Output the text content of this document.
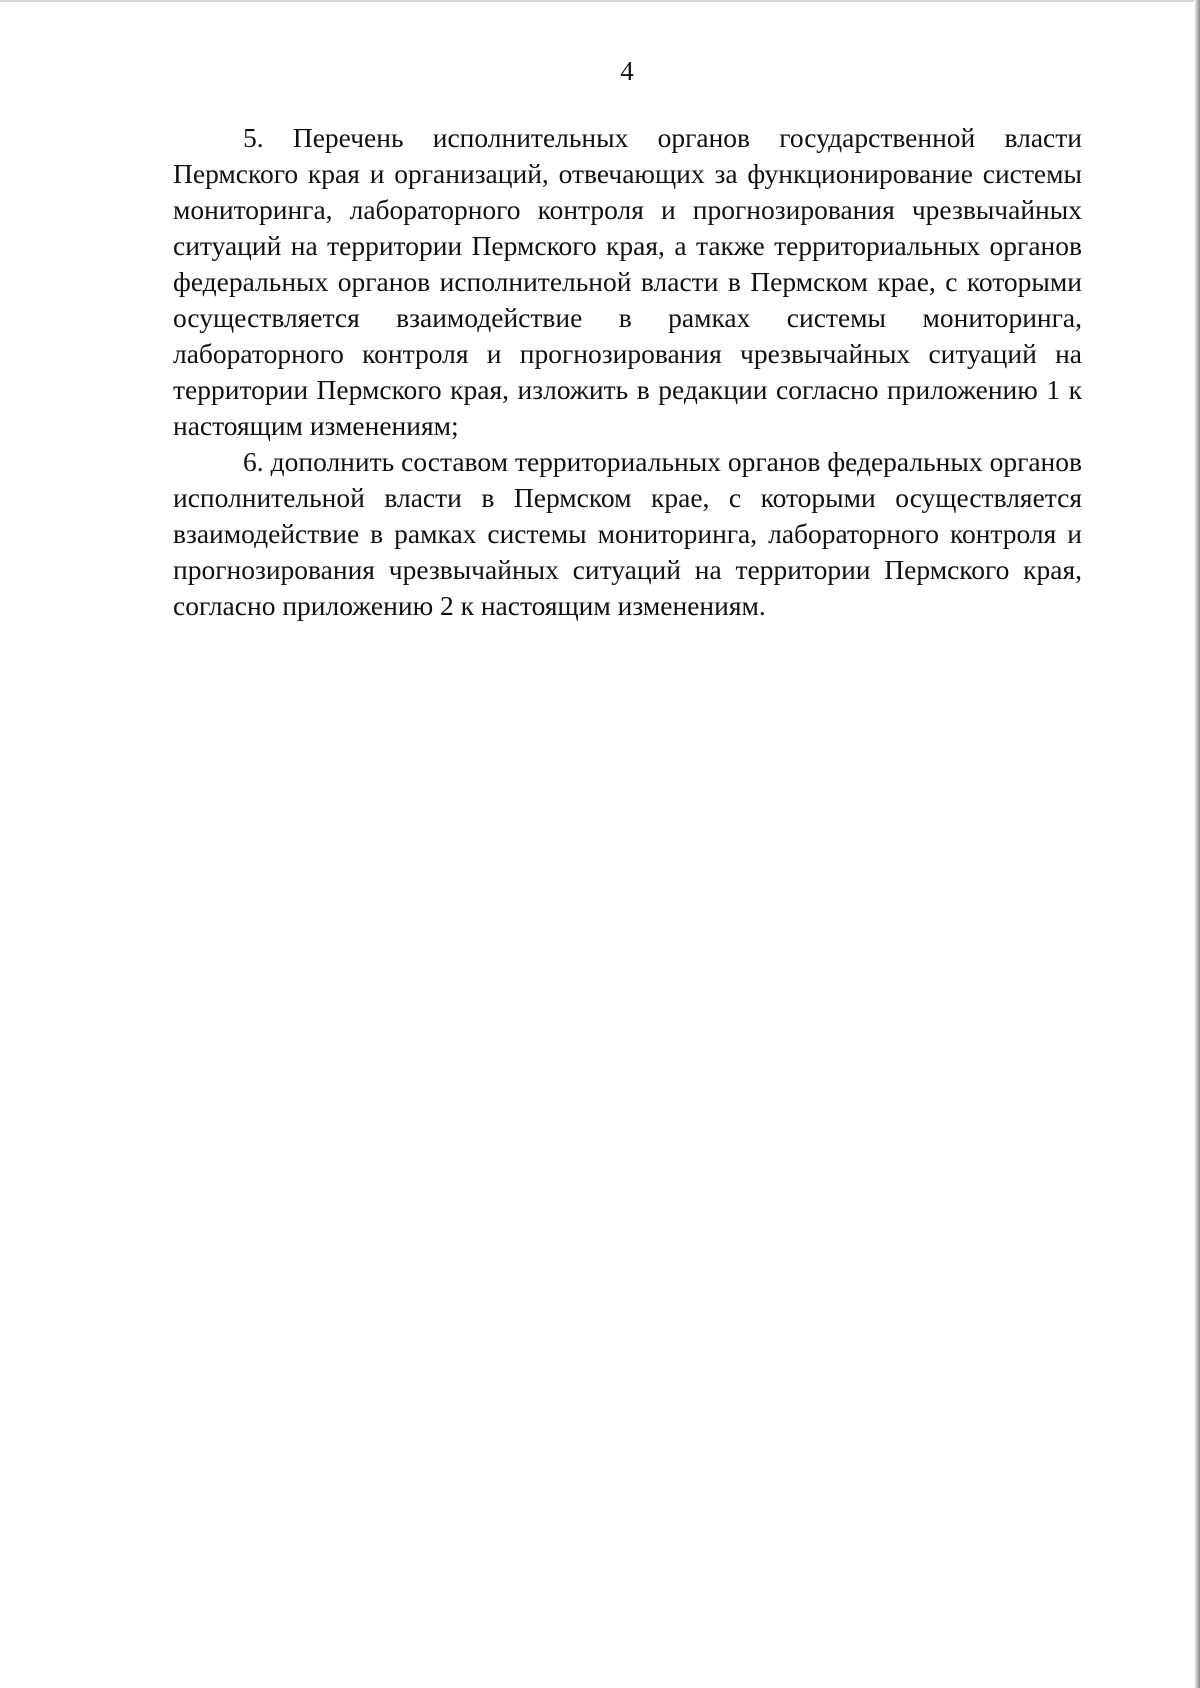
4

5. Перечень исполнительных органов государственной власти Пермского края и организаций, отвечающих за функционирование системы мониторинга, лабораторного контроля и прогнозирования чрезвычайных ситуаций на территории Пермского края, а также территориальных органов федеральных органов исполнительной власти в Пермском крае, с которыми осуществляется взаимодействие в рамках системы мониторинга, лабораторного контроля и прогнозирования чрезвычайных ситуаций на территории Пермского края, изложить в редакции согласно приложению 1 к настоящим изменениям;

6. дополнить составом территориальных органов федеральных органов исполнительной власти в Пермском крае, с которыми осуществляется взаимодействие в рамках системы мониторинга, лабораторного контроля и прогнозирования чрезвычайных ситуаций на территории Пермского края, согласно приложению 2 к настоящим изменениям.
